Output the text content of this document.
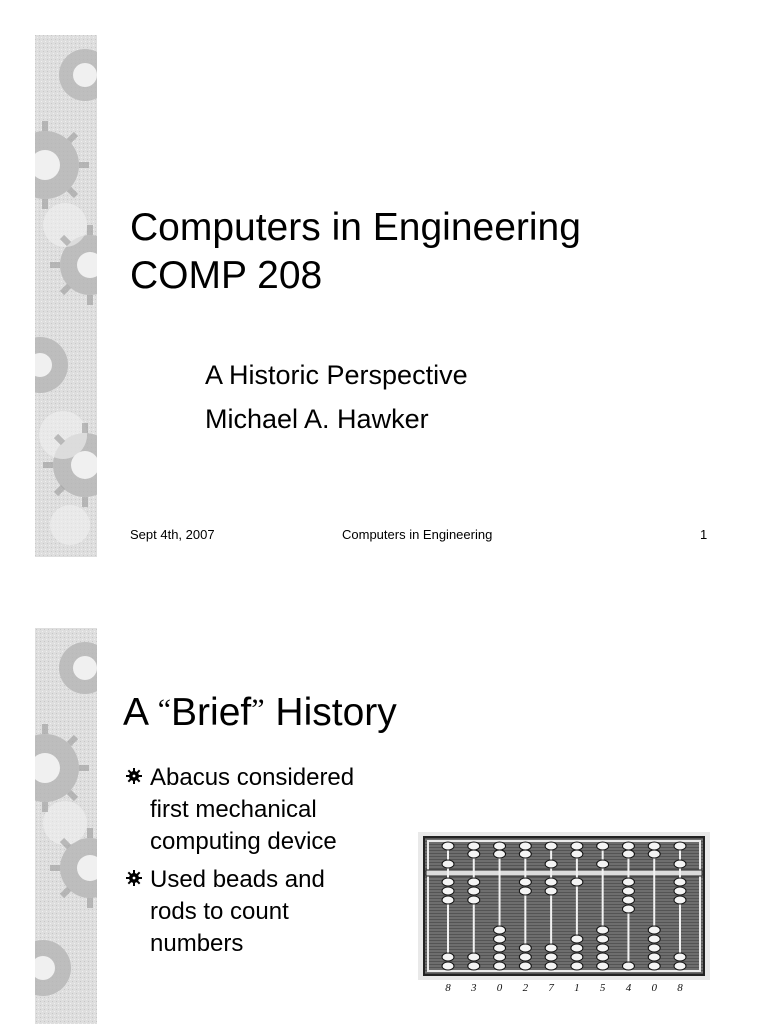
Computers in Engineering
COMP 208
A Historic Perspective
Michael A. Hawker
Sept 4th, 2007	Computers in Engineering	1
A “Brief” History
Abacus considered
first mechanical
computing device
Used beads and
rods to count
numbers
8 3 0 2 7 1 5 4 0 8
